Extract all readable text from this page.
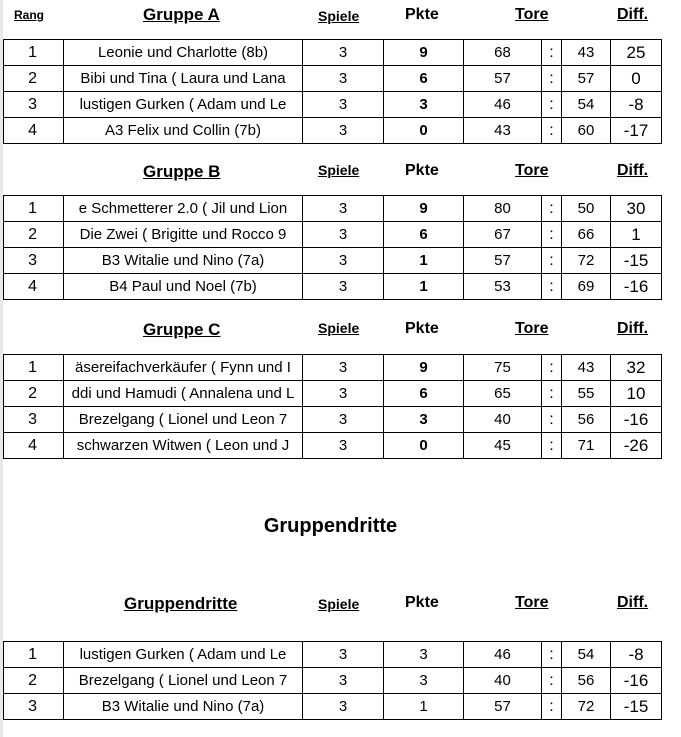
Rang	Gruppe A	Spiele	Pkte	Tore	Diff.
1	Leonie und Charlotte (8b)	3	9	68	:	43	25
2	Bibi und Tina ( Laura und Lana	3	6	57	:	57	0
3	lustigen Gurken ( Adam und Le	3	3	46	:	54	-8
4	A3 Felix und Collin (7b)	3	0	43	:	60	-17
Gruppe B	Spiele	Pkte	Tore	Diff.
1	e Schmetterer 2.0 ( Jil und Lion	3	9	80	:	50	30
2	Die Zwei ( Brigitte und Rocco 9	3	6	67	:	66	1
3	B3 Witalie und Nino (7a)	3	1	57	:	72	-15
4	B4 Paul und Noel (7b)	3	1	53	:	69	-16
Gruppe C	Spiele	Pkte	Tore	Diff.
1	äsereifachverkäufer ( Fynn und I	3	9	75	:	43	32
2	ddi und Hamudi ( Annalena und L	3	6	65	:	55	10
3	Brezelgang ( Lionel und Leon 7	3	3	40	:	56	-16
4	schwarzen Witwen ( Leon und J	3	0	45	:	71	-26
Gruppendritte
Gruppendritte	Spiele	Pkte	Tore	Diff.
1	lustigen Gurken ( Adam und Le	3	3	46	:	54	-8
2	Brezelgang ( Lionel und Leon 7	3	3	40	:	56	-16
3	B3 Witalie und Nino (7a)	3	1	57	:	72	-15
